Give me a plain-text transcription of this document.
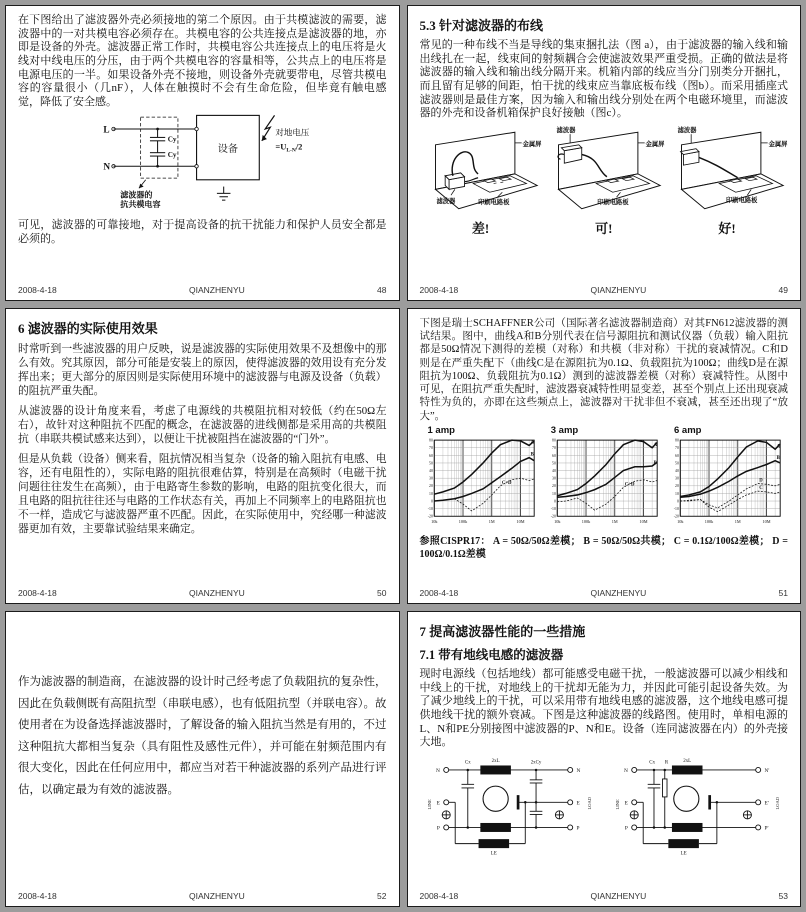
在下图给出了滤波器外壳必须接地的第二个原因。由于共模滤波的需要，滤波器中的一对共模电容必须存在。共模电容的公共连接点是滤波器的地，亦即是设备的外壳。滤波器正常工作时，共模电容公共连接点上的电压将是火线对中线电压的分压，由于两个共模电容的容量相等，公共点上的电压将是电源电压的一半。如果设备外壳不接地，则设备外壳就要带电，尽管共模电容的容量很小（几nF），人体在触摸时不会有生命危险，但毕竟有触电感觉，降低了安全感。
L
N
Cy
Cy
设备
对地电压
$=U_{L-N}/2$
滤波器的
抗共模电容
可见，滤波器的可靠接地，对于提高设备的抗干扰能力和保护人员安全都是必须的。
2008-4-18	QIANZHENYU	48
5.3 针对滤波器的布线
常见的一种布线不当是导线的集束捆扎法（图 a），由于滤波器的输入线和输出线扎在一起，线束间的射频耦合会使滤波效果严重受损。正确的做法是将滤波器的输入线和输出线分隔开来。机箱内部的线应当分门别类分开捆扎，而且留有足够的间距，怕干扰的线束应当靠底板布线（图b）。而采用插座式滤波器则是最佳方案，因为输入和输出线分别处在两个电磁环境里，而滤波器的外壳和设备机箱保护良好接触（图c）。
金属屏
滤波器	印刷电路板
差!
滤波器
金属屏
印刷电路板
可!
滤波器
金属屏
印刷电路板
好!
2008-4-18	QIANZHENYU	49
6 滤波器的实际使用效果

时常听到一些滤波器的用户反映，说是滤波器的实际使用效果不及想像中的那么有效。究其原因，部分可能是安装上的原因，使得滤波器的效用设有充分发挥出来；更大部分的原因则是实际使用环境中的滤波器与电源及设备（负载）的阻抗严重失配。

从滤波器的设计角度来看，考虑了电源线的共模阻抗相对较低（约在50Ω左右），故针对这种阻抗不匹配的概念，在滤波器的进线侧都是采用高的共模阻抗（串联共模试感来达到），以便让干扰被阻挡在滤波器的“门外”。

但是从负载（设备）侧来看，阻抗情况相当复杂（设备的输入阻抗有电感、电容，还有电阻性的），实际电路的阻抗很难估算，特别是在高频时（电磁干扰问题往往发生在高频），由于电路寄生参数的影响，电路的阻抗变化很大，而且电路的阻抗往往还与电路的工作状态有关，再加上不同频率上的电路阻抗也不一样，造成它与滤波器严重不匹配。因此，在实际使用中，究经哪一种滤波器更加有效，主要靠试验结果来确定。

2008-4-18	QIANZHENYU	50
下图是瑞士SCHAFFNER公司（国际著名滤波器制造商）对其FN612滤波器的测试结果。图中，曲线A和B分别代表在信号源阻抗和测试仪器（负载）输入阻抗都是50Ω情况下测得的差模（对称）和共模（非对称）干扰的衰减情况。C和D则是在严重失配下（曲线C是在源阻抗为0.1Ω、负载阻抗为100Ω；曲线D是在源阻抗为100Ω、负载阻抗为0.1Ω）测到的滤波器差模（对称）衰减特性。从图中可见，在阻抗严重失配时，滤波器衰减特性明显变差，甚至个别点上还出现衰减特性为负的，亦即在这些频点上，滤波器对干扰非但不衰减，甚至还出现了“放大”。
1 amp
80
70
60
50
40
30
20
10
0
-10
-20
10k	100k	1M	10M
A
B
C+D
3 amp
80
70
60
50
40
30
20
10
0
-10
-20
10k	100k	1M	10M
A
B
C+D
6 amp
80
70
60
50
40
30
20
10
0
-10
-20
10k	100k	1M	10M
A
B
D
C
参照CISPR17： A = 50Ω/50Ω差模； B = 50Ω/50Ω共模； C = 0.1Ω/100Ω差模； D = 100Ω/0.1Ω差模
2008-4-18	QIANZHENYU	51
作为滤波器的制造商，在滤波器的设计时己经考虑了负载阻抗的复杂性，因此在负载侧既有高阻抗型（串联电感），也有低阻抗型（并联电容）。故使用者在为设备选择滤波器时，了解设备的输入阻抗当然是有用的，不过这种阻抗大都相当复杂（具有阻性及感性元件），并可能在射频范围内有很大变化，因此在任何应用中，都应当对若干种滤波器的系列产品进行评估，以确定最为有效的滤波器。
2008-4-18	QIANZHENYU	52
7 提高滤波器性能的一些措施
7.1 带有地线电感的滤波器
现时电源线（包括地线）都可能感受电磁干扰，一般滤波器可以减少相线和中线上的干扰，对地线上的干扰却无能为力，并因此可能引起设备失效。为了减少地线上的干扰，可以采用带有地线电感的滤波器，这个地线电感可提供地线干扰的额外衰减。下图是这种滤波器的线路图。使用时，单相电源的L、N和PE分别接图中滤波器的P、N和E。设备（连同滤波器在内）的外壳接大地。
LINE	LOAD
N
E
P
N
E
P
Cx	2xL	2xCy
LE
LINE	LOAD
N
E
P
N'
E'
P'
Cx R	2xL
LE
2008-4-18	QIANZHENYU	53
